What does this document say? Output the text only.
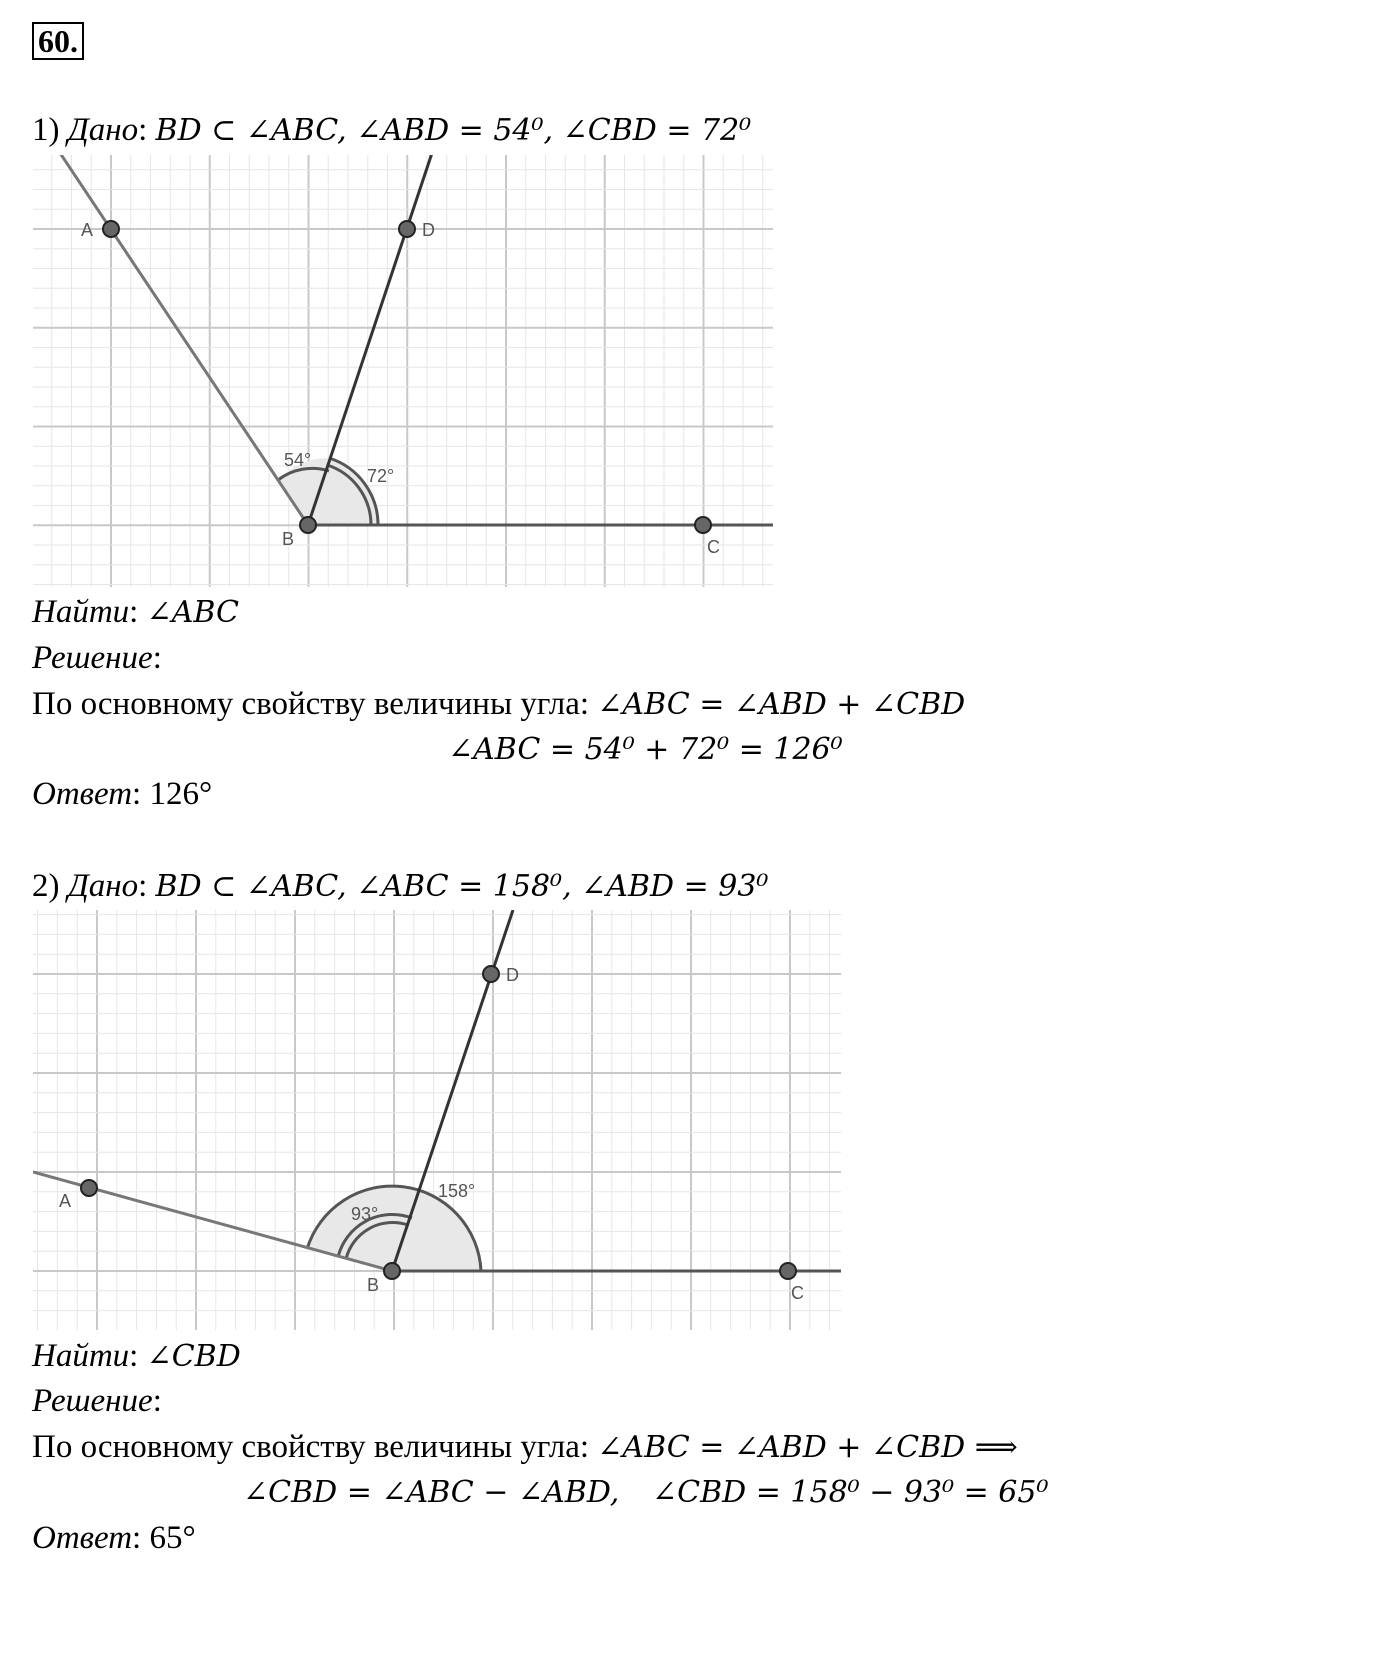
60.
1) Дано: BD ⊂ ∠ABC, ∠ABD = 54⁰, ∠CBD = 72⁰
A	D
B	C
54°
72°
Найти: ∠ABC
Решение:
По основному свойству величины угла: ∠ABC = ∠ABD + ∠CBD
∠ABC = 54⁰ + 72⁰ = 126⁰
Ответ: 126°
2) Дано: BD ⊂ ∠ABC, ∠ABC = 158⁰, ∠ABD = 93⁰
A
D
B	C
93°
158°
Найти: ∠CBD
Решение:
По основному свойству величины угла: ∠ABC = ∠ABD + ∠CBD ⟹
∠CBD = ∠ABC − ∠ABD, ∠CBD = 158⁰ − 93⁰ = 65⁰
Ответ: 65°
